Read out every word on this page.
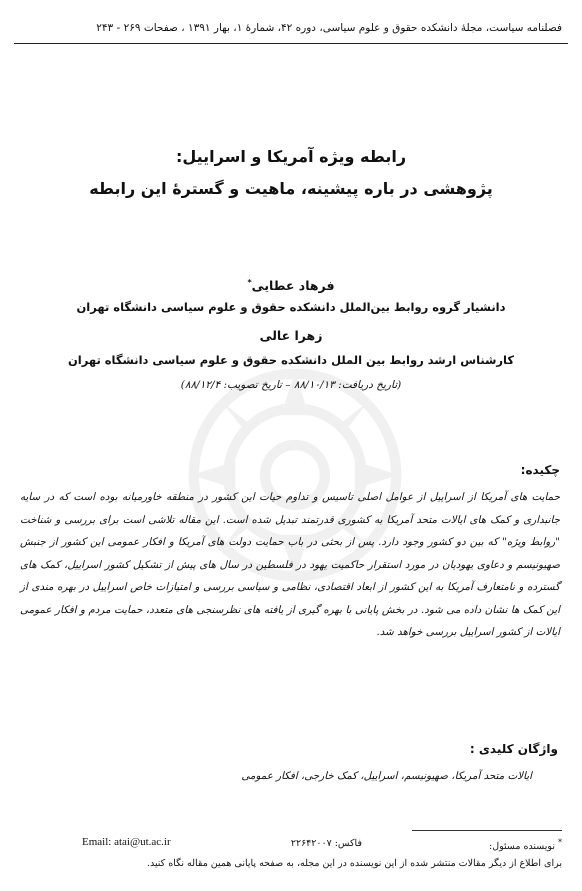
فصلنامه سیاست، مجلهٔ دانشکده حقوق و علوم سیاسی، دوره ۴۲، شمارهٔ ۱، بهار ۱۳۹۱ ، صفحات ۲۶۹ - ۲۴۳
رابطه ویژه آمریکا و اسراییل:
پژوهشی در باره پیشینه، ماهیت و گسترهٔ این رابطه
فرهاد عطایی*
دانشیار گروه روابط بین‌الملل دانشکده حقوق و علوم سیاسی دانشگاه تهران
زهرا عالی
کارشناس ارشد روابط بین الملل دانشکده حقوق و علوم سیاسی دانشگاه تهران
(تاریخ دریافت: ۸۸/۱۰/۱۳ – تاریخ تصویب: ۸۸/۱۲/۴)
چکیده:
حمایت های آمریکا از اسراییل از عوامل اصلی تاسیس و تداوم حیات این کشور در منطقه خاورمیانه بوده است که در سایه جانبداری و کمک های ایالات متحد آمریکا به کشوری قدرتمند تبدیل شده است. این مقاله تلاشی است برای بررسی و شناخت "روابط ویژه" که بین دو کشور وجود دارد. پس از بحثی در باب حمایت دولت های آمریکا و افکار عمومی این کشور از جنبش صهیونیسم و دعاوی یهودیان در مورد استقرار حاکمیت یهود در فلسطین در سال های پیش از تشکیل کشور اسراییل، کمک های گسترده و نامتعارف آمریکا به این کشور از ابعاد اقتصادی، نظامی و سیاسی بررسی و امتیازات خاص اسراییل در بهره مندی از این کمک ها نشان داده می شود. در بخش پایانی با بهره گیری از یافته های نظرسنجی های متعدد، حمایت مردم و افکار عمومی ایالات از کشور اسراییل بررسی خواهد شد.
واژگان کلیدی :
ایالات متحد آمریکا، صهیونیسم، اسراییل، کمک خارجی، افکار عمومی
* نویسنده مسئول:
فاکس: ۲۲۶۴۲۰۰۷
Email: atai@ut.ac.ir
برای اطلاع از دیگر مقالات منتشر شده از این نویسنده در این مجله، به صفحه پایانی همین مقاله نگاه کنید.
